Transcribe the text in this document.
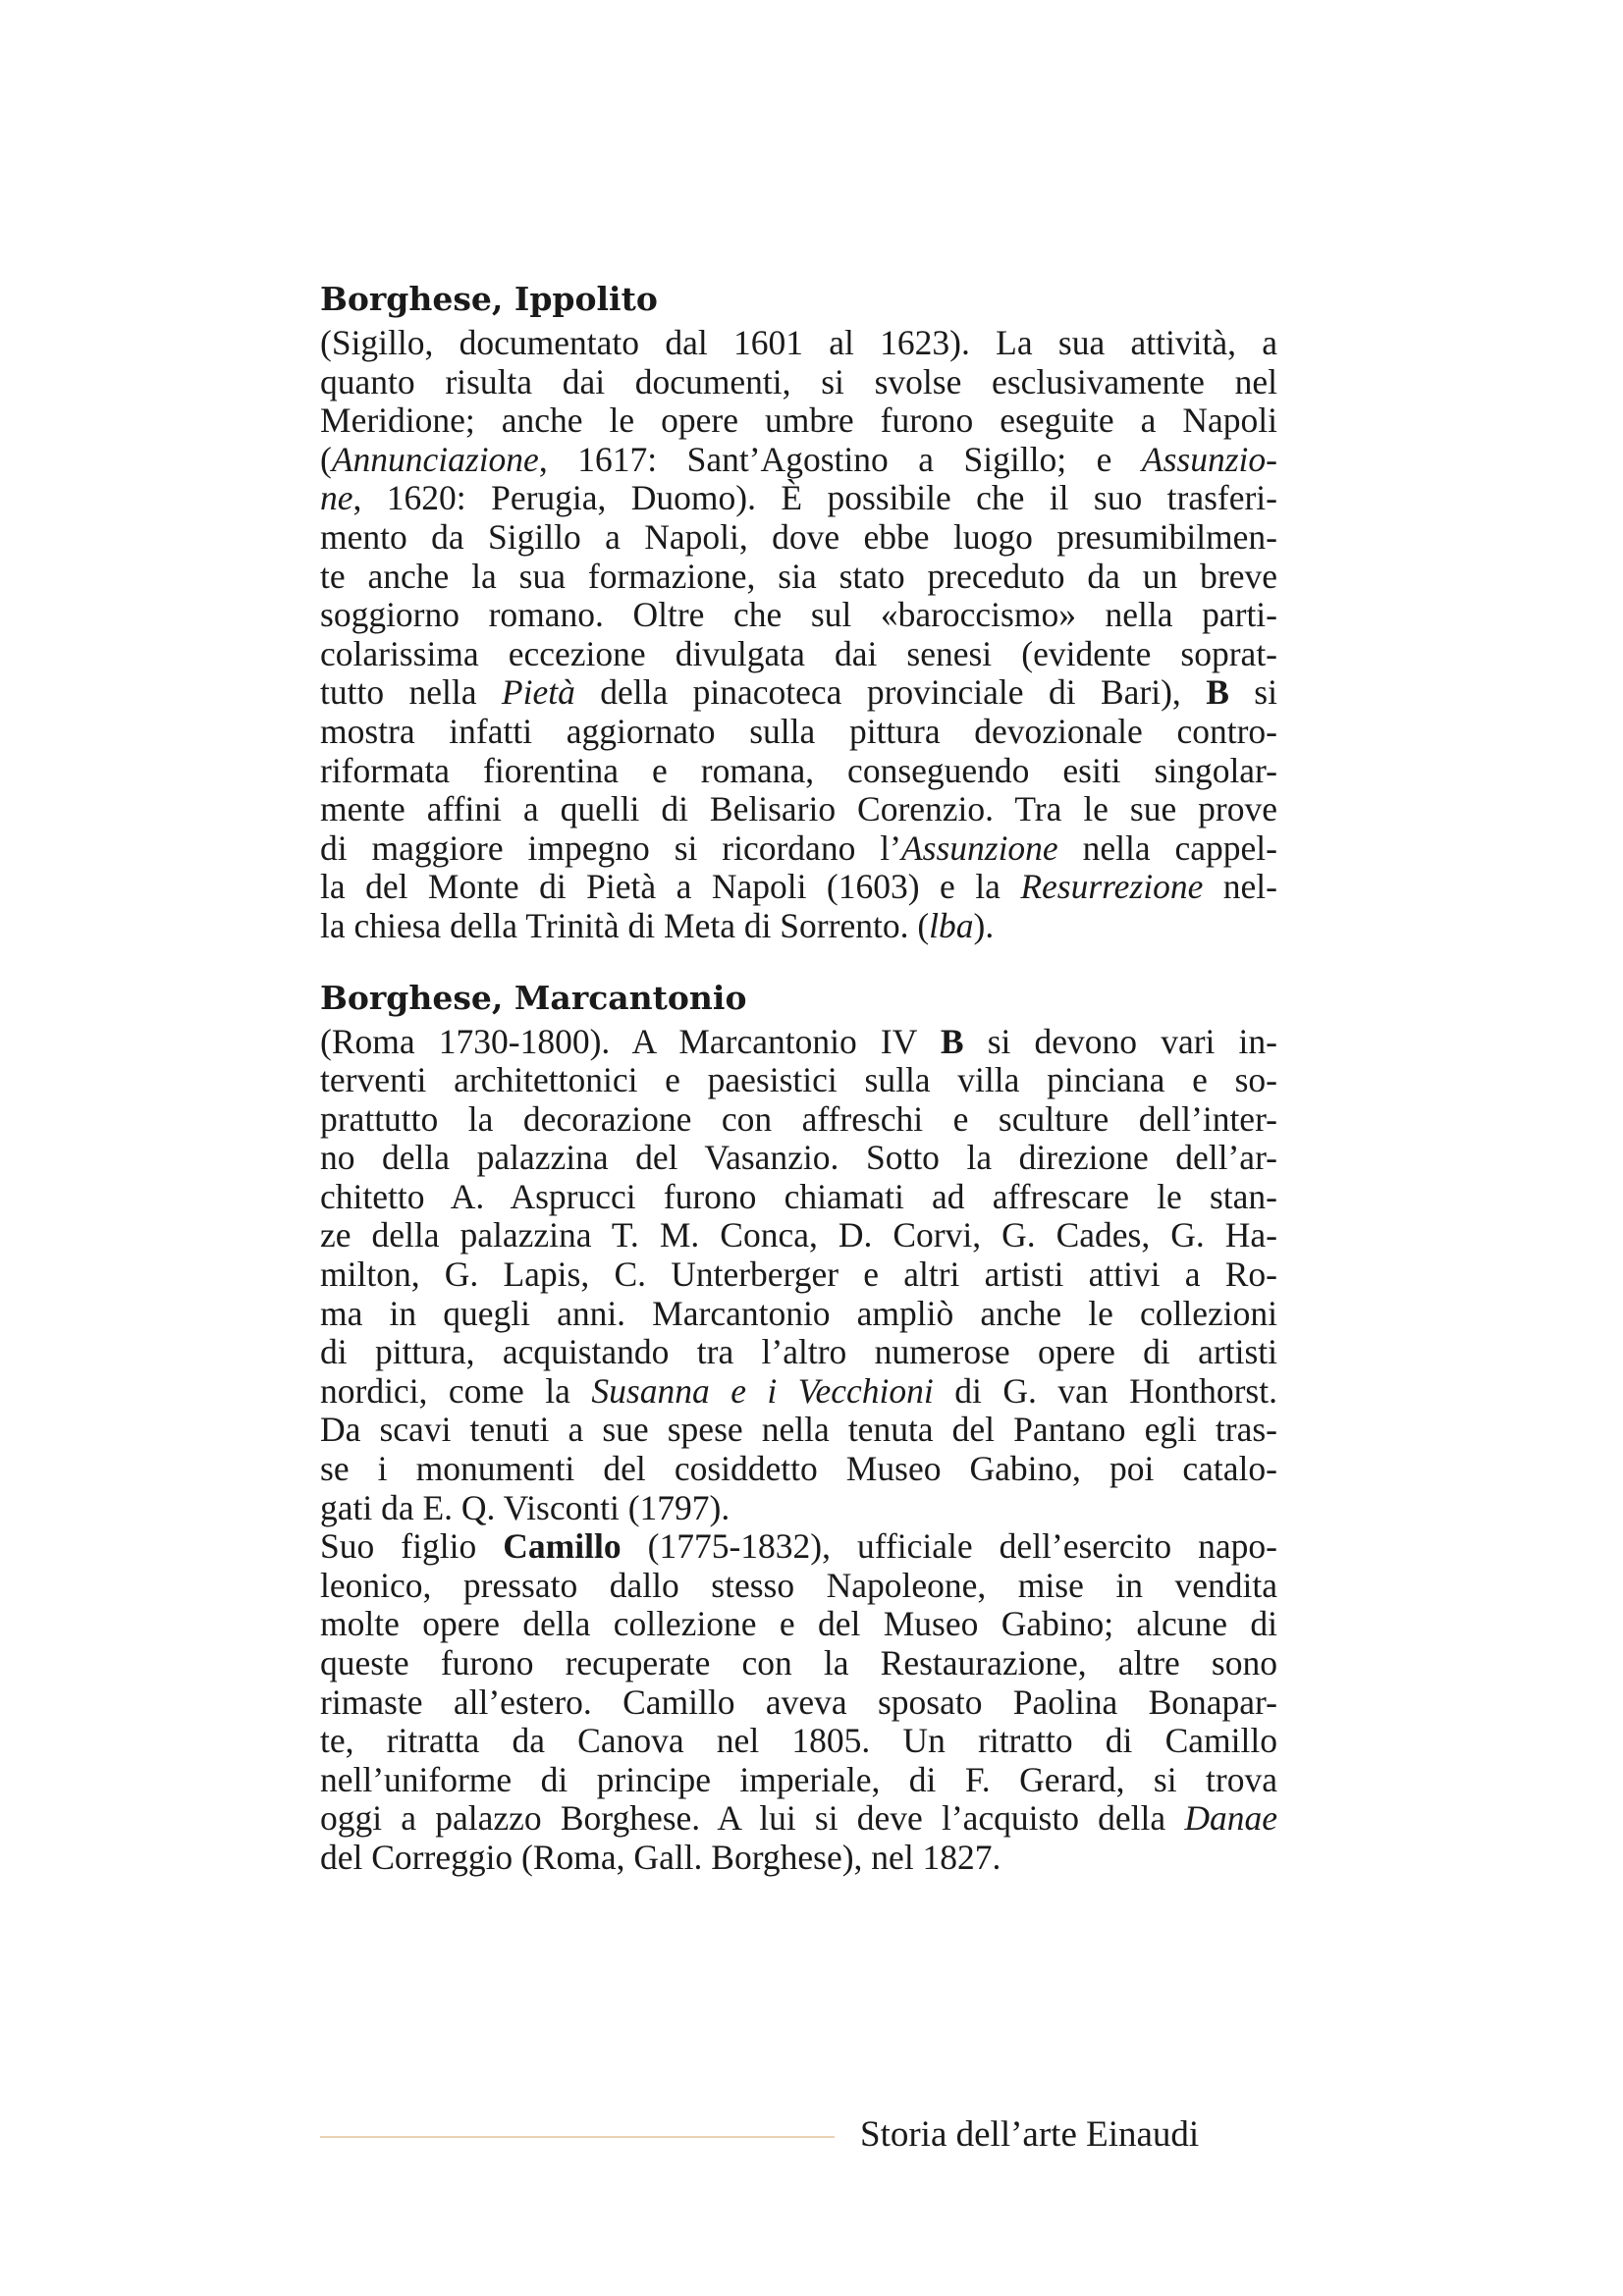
Borghese, Ippolito
(Sigillo, documentato dal 1601 al 1623). La sua attività, a
quanto risulta dai documenti, si svolse esclusivamente nel
Meridione; anche le opere umbre furono eseguite a Napoli
(Annunciazione, 1617: Sant’Agostino a Sigillo; e Assunzio-
ne, 1620: Perugia, Duomo). È possibile che il suo trasferi-
mento da Sigillo a Napoli, dove ebbe luogo presumibilmen-
te anche la sua formazione, sia stato preceduto da un breve
soggiorno romano. Oltre che sul «baroccismo» nella parti-
colarissima eccezione divulgata dai senesi (evidente soprat-
tutto nella Pietà della pinacoteca provinciale di Bari), B si
mostra infatti aggiornato sulla pittura devozionale contro-
riformata fiorentina e romana, conseguendo esiti singolar-
mente affini a quelli di Belisario Corenzio. Tra le sue prove
di maggiore impegno si ricordano l’Assunzione nella cappel-
la del Monte di Pietà a Napoli (1603) e la Resurrezione nel-
la chiesa della Trinità di Meta di Sorrento. (lba).
Borghese, Marcantonio
(Roma 1730-1800). A Marcantonio IV B si devono vari in-
terventi architettonici e paesistici sulla villa pinciana e so-
prattutto la decorazione con affreschi e sculture dell’inter-
no della palazzina del Vasanzio. Sotto la direzione dell’ar-
chitetto A. Asprucci furono chiamati ad affrescare le stan-
ze della palazzina T. M. Conca, D. Corvi, G. Cades, G. Ha-
milton, G. Lapis, C. Unterberger e altri artisti attivi a Ro-
ma in quegli anni. Marcantonio ampliò anche le collezioni
di pittura, acquistando tra l’altro numerose opere di artisti
nordici, come la Susanna e i Vecchioni di G. van Honthorst.
Da scavi tenuti a sue spese nella tenuta del Pantano egli tras-
se i monumenti del cosiddetto Museo Gabino, poi catalo-
gati da E. Q. Visconti (1797).
Suo figlio Camillo (1775-1832), ufficiale dell’esercito napo-
leonico, pressato dallo stesso Napoleone, mise in vendita
molte opere della collezione e del Museo Gabino; alcune di
queste furono recuperate con la Restaurazione, altre sono
rimaste all’estero. Camillo aveva sposato Paolina Bonapar-
te, ritratta da Canova nel 1805. Un ritratto di Camillo
nell’uniforme di principe imperiale, di F. Gerard, si trova
oggi a palazzo Borghese. A lui si deve l’acquisto della Danae
del Correggio (Roma, Gall. Borghese), nel 1827.
Storia dell’arte Einaudi
